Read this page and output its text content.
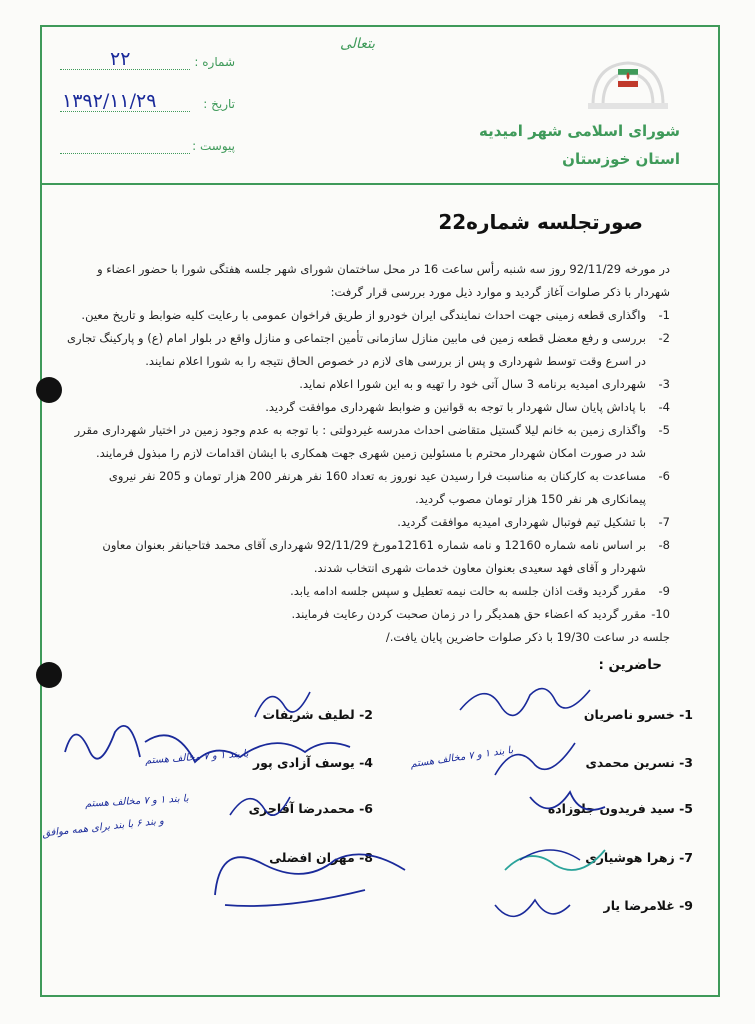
شماره :
۲۲
تاریخ :
۱۳۹۲/۱۱/۲۹
پیوست :
بتعالی
شورای اسلامی شهر امیدیه
استان خوزستان
صورتجلسه شماره22

در مورخه 92/11/29 روز سه شنبه رأس ساعت 16 در محل ساختمان شورای شهر جلسه هفتگی شورا با حضور اعضاء و شهردار با ذکر صلوات آغاز گردید و موارد ذیل مورد بررسی قرار گرفت:

1-
واگذاری قطعه زمینی جهت احداث نمایندگی ایران خودرو از طریق فراخوان عمومی با رعایت کلیه ضوابط و تاریخ معین.
2-
بررسی و رفع معضل قطعه زمین فی مابین منازل سازمانی تأمین اجتماعی و منازل واقع در بلوار امام (ع) و پارکینگ تجاری در اسرع وقت توسط شهرداری و پس از بررسی های لازم در خصوص الحاق نتیجه را به شورا اعلام نمایند.
3-
شهرداری امیدیه برنامه 3 سال آتی خود را تهیه و به این شورا اعلام نماید.
4-
با پاداش پایان سال شهردار با توجه به قوانین و ضوابط شهرداری موافقت گردید.
5-
واگذاری زمین به خانم لیلا گستیل متقاضی احداث مدرسه غیردولتی : با توجه به عدم وجود زمین در اختیار شهرداری مقرر شد در صورت امکان شهردار محترم با مسئولین زمین شهری جهت همکاری با ایشان اقدامات لازم را مبذول فرمایند.
6-
مساعدت به کارکنان به مناسبت فرا رسیدن عید نوروز به تعداد 160 نفر هرنفر 200 هزار تومان و 205 نفر نیروی پیمانکاری هر نفر 150 هزار تومان مصوب گردید.
7-
با تشکیل تیم فوتبال شهرداری امیدیه موافقت گردید.
8-
بر اساس نامه شماره 12160 و نامه شماره 12161مورخ 92/11/29 شهرداری آقای محمد فتاحیانفر بعنوان معاون شهردار و آقای فهد سعیدی بعنوان معاون خدمات شهری انتخاب شدند.
9-
مقرر گردید وقت اذان جلسه به حالت نیمه تعطیل و سپس جلسه ادامه یابد.
10-
مقرر گردید که اعضاء حق همدیگر را در زمان صحبت کردن رعایت فرمایند.

جلسه در ساعت 19/30 با ذکر صلوات حاضرین پایان یافت./

حاضرین :
1- خسرو ناصریان
3- نسرین محمدی
5- سید فریدون جلوزاده
7- زهرا هوشیاری
9- غلامرضا یار
2- لطیف شریفات
4- یوسف آزادی پور
6- محمدرضا آقاجری
8- مهران افضلی
با بند ۱ و ۷ مخالف هستم
با بند ۱ و ۷ مخالف هستم
با بند ۱ و ۷ مخالف هستم
و بند ۶ با بند برای همه موافق
